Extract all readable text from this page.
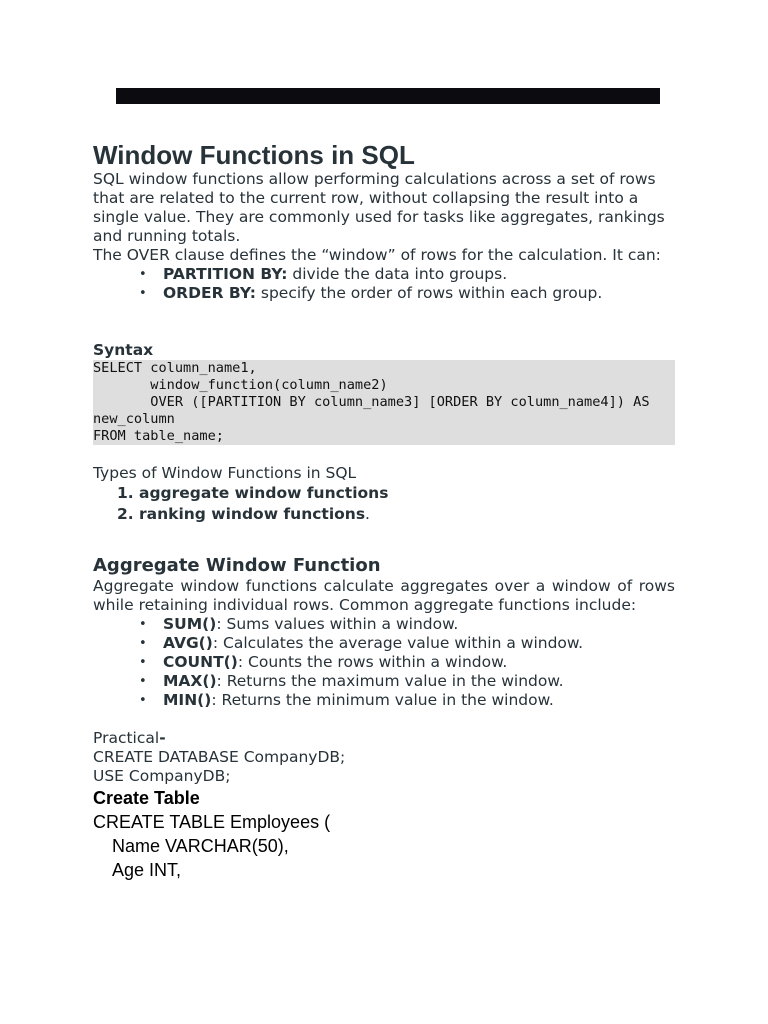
Window Functions in SQL

SQL window functions allow performing calculations across a set of rows that are related to the current row, without collapsing the result into a single value. They are commonly used for tasks like aggregates, rankings and running totals.

The OVER clause defines the “window” of rows for the calculation. It can:

• PARTITION BY: divide the data into groups.
• ORDER BY: specify the order of rows within each group.
Syntax
SELECT column_name1,
window_function(column_name2)
OVER ([PARTITION BY column_name3] [ORDER BY column_name4]) AS new_column
FROM table_name;
Types of Window Functions in SQL
1. aggregate window functions
2. ranking window functions.
Aggregate Window Function

Aggregate window functions calculate aggregates over a window of rows while retaining individual rows. Common aggregate functions include:

• SUM(): Sums values within a window.
• AVG(): Calculates the average value within a window.
• COUNT(): Counts the rows within a window.
• MAX(): Returns the maximum value in the window.
• MIN(): Returns the minimum value in the window.
Practical-

CREATE DATABASE CompanyDB;

USE CompanyDB;

Create Table

CREATE TABLE Employees (

Name VARCHAR(50),

Age INT,
